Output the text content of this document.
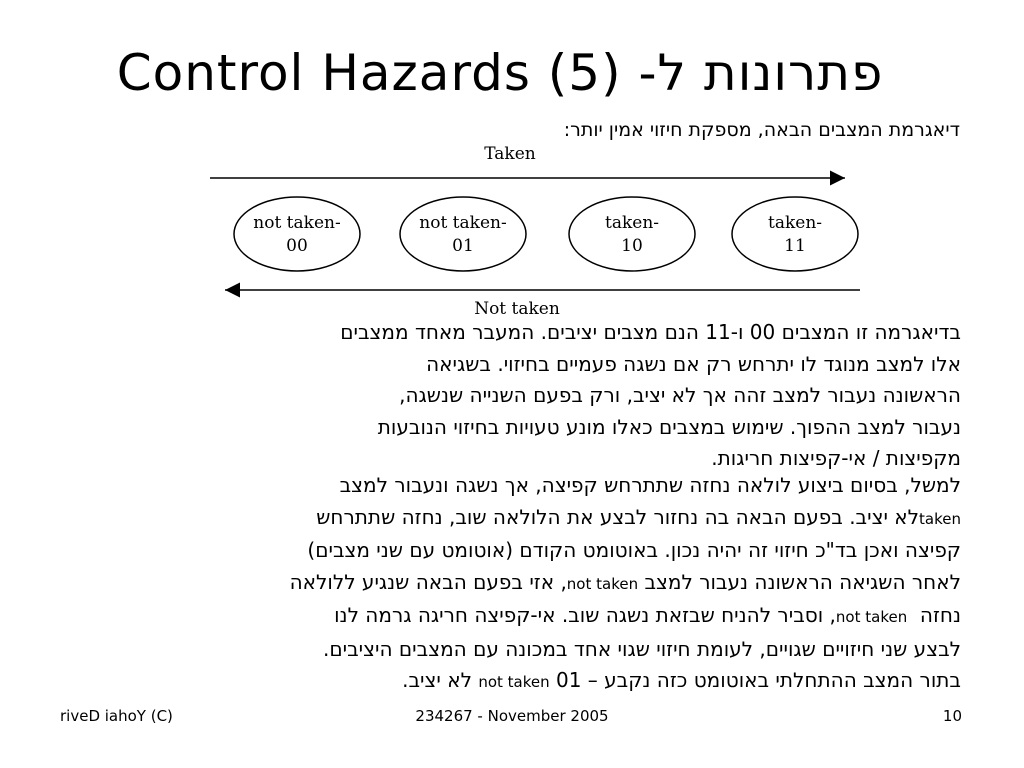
פתרונות ל- Control Hazards (5)
דיאגרמת המצבים הבאה, מספקת חיזוי אמין יותר:
Taken
not taken-
00
not taken-
01
taken-
10
taken-
11
Not taken
בדיאגרמה זו המצבים 00 ו-11 הנם מצבים יציבים. המעבר מאחד ממצבים
אלו למצב מנוגד לו יתרחש רק אם נשגה פעמיים בחיזוי. בשגיאה
הראשונה נעבור למצב זהה אך לא יציב, ורק בפעם השנייה שנשגה,
נעבור למצב ההפוך. שימוש במצבים כאלו מונע טעויות בחיזוי הנובעות
מקפיצות / אי-קפיצות חריגות.
למשל, בסיום ביצוע לולאה נחזה שתתרחש קפיצה, אך נשגה ונעבור למצב
takenלא יציב. בפעם הבאה בה נחזור לבצע את הלולאה שוב, נחזה שתתרחש
קפיצה ואכן בד"כ חיזוי זה יהיה נכון. באוטומט הקודם (אוטומט עם שני מצבים)
לאחר השגיאה הראשונה נעבור למצב not taken, אזי בפעם הבאה שנגיע ללולאה
נחזה  not taken, וסביר להניח שבזאת נשגה שוב. אי-קפיצה חריגה גרמה לנו
לבצע שני חיזויים שגויים, לעומת חיזוי שגוי אחד במכונה עם המצבים היציבים.
בתור המצב ההתחלתי באוטומט כזה נקבע 01 – not taken לא יציב.
riveD iahoY (C)	234267 - November 2005	10
